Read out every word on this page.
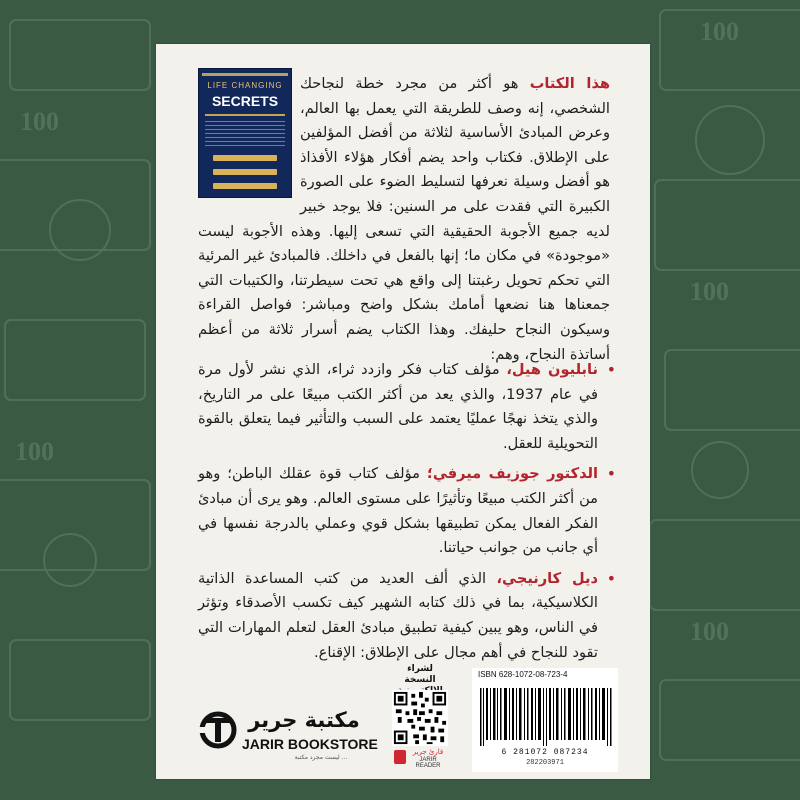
100
100
100
100
100
LIFE CHANGING
SECRETS
هذا الكتاب هو أكثر من مجرد خطة لنجاحك الشخصي، إنه وصف للطريقة التي يعمل بها العالم، وعرض المبادئ الأساسية لثلاثة من أفضل المؤلفين على الإطلاق. فكتاب واحد يضم أفكار هؤلاء الأفذاذ هو أفضل وسيلة نعرفها لتسليط الضوء على الصورة الكبيرة التي فقدت على مر السنين: فلا يوجد خبير لديه جميع الأجوبة الحقيقية التي تسعى إليها. وهذه الأجوبة ليست «موجودة» في مكان ما؛ إنها بالفعل في داخلك. فالمبادئ غير المرئية التي تحكم تحويل رغبتنا إلى واقع هي تحت سيطرتنا، والكتيبات التي جمعناها هنا نضعها أمامك بشكل واضح ومباشر: فواصل القراءة وسيكون النجاح حليفك. وهذا الكتاب يضم أسرار ثلاثة من أعظم أساتذة النجاح، وهم:
•
نابليون هيل، مؤلف كتاب فكر وازدد ثراء، الذي نشر لأول مرة في عام 1937، والذي يعد من أكثر الكتب مبيعًا على مر التاريخ، والذي يتخذ نهجًا عمليًا يعتمد على السبب والتأثير فيما يتعلق بالقوة التحويلية للعقل.
•
الدكتور جوزيف ميرفي؛ مؤلف كتاب قوة عقلك الباطن؛ وهو من أكثر الكتب مبيعًا وتأثيرًا على مستوى العالم. وهو يرى أن مبادئ الفكر الفعال يمكن تطبيقها بشكل قوي وعملي بالدرجة نفسها في أي جانب من جوانب حياتنا.
•
ديل كارنيجي، الذي ألف العديد من كتب المساعدة الذاتية الكلاسيكية، بما في ذلك كتابه الشهير كيف تكسب الأصدقاء وتؤثر في الناس، وهو يبين كيفية تطبيق مبادئ العقل لتعلم المهارات التي تقود للنجاح في أهم مجال على الإطلاق: الإقناع.
مكتبة جرير
JARIR BOOKSTORE
... ليست مجرد مكتبة
لشراء النسخة
قارئ جرير
JARIR READER
ISBN 628-1072-08-723-4
6 281072 087234
282203971
